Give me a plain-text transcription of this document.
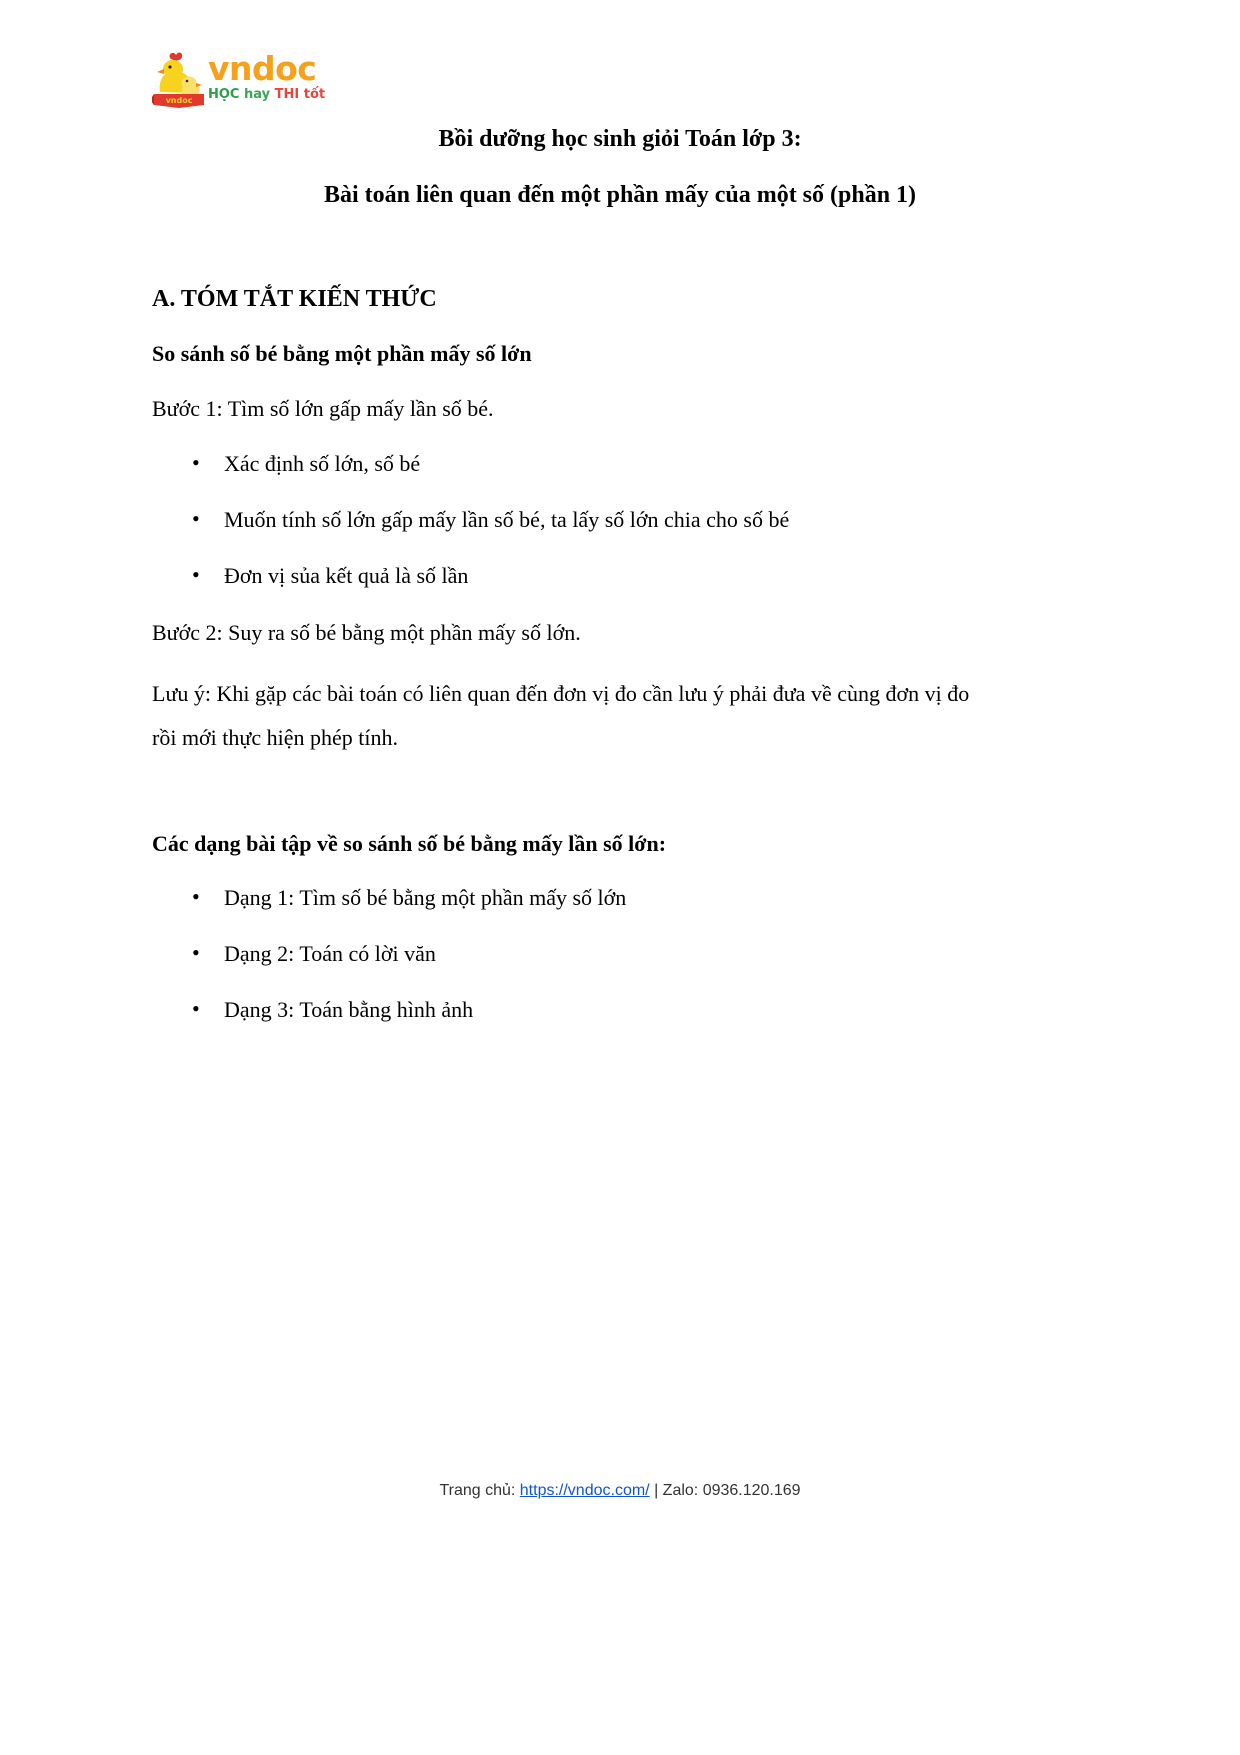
vndoc
vndoc
HỌC hay THI tốt
Bồi dưỡng học sinh giỏi Toán lớp 3:
Bài toán liên quan đến một phần mấy của một số (phần 1)
A. TÓM TẮT KIẾN THỨC
So sánh số bé bằng một phần mấy số lớn
Bước 1: Tìm số lớn gấp mấy lần số bé.
• Xác định số lớn, số bé
• Muốn tính số lớn gấp mấy lần số bé, ta lấy số lớn chia cho số bé
• Đơn vị sủa kết quả là số lần
Bước 2: Suy ra số bé bằng một phần mấy số lớn.
Lưu ý: Khi gặp các bài toán có liên quan đến đơn vị đo cần lưu ý phải đưa về cùng đơn vị đo rồi mới thực hiện phép tính.
Các dạng bài tập về so sánh số bé bằng mấy lần số lớn:
• Dạng 1: Tìm số bé bằng một phần mấy số lớn
• Dạng 2: Toán có lời văn
• Dạng 3: Toán bằng hình ảnh
Trang chủ: https://vndoc.com/ | Zalo: 0936.120.169
